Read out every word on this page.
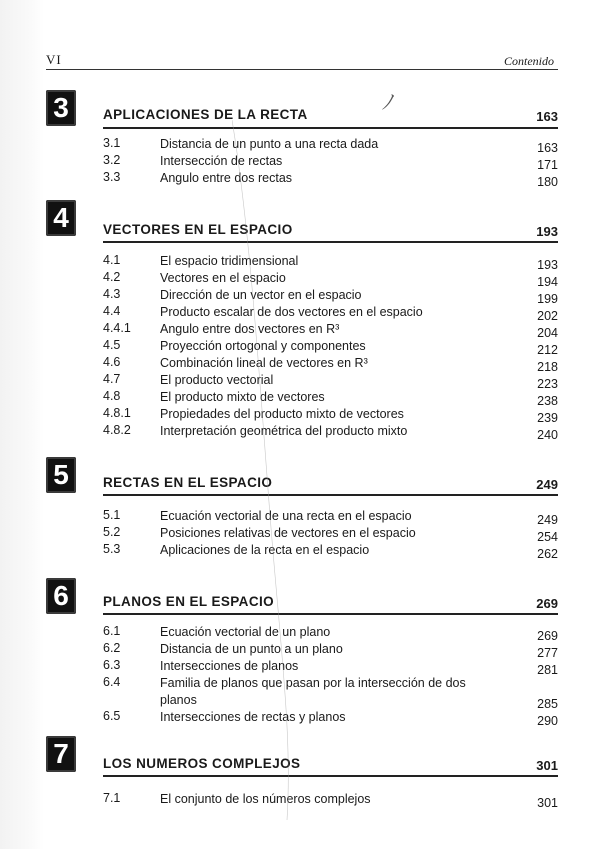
VI	Contenido
ﾉ
3	APLICACIONES DE LA RECTA	163
3.1	Distancia de un punto a una recta dada	163
3.2	Intersección de rectas	171
3.3	Angulo entre dos rectas	180
4	VECTORES EN EL ESPACIO	193
4.1	El espacio tridimensional	193
4.2	Vectores en el espacio	194
4.3	Dirección de un vector en el espacio	199
4.4	Producto escalar de dos vectores en el espacio	202
4.4.1 Angulo entre dos vectores en R³	204
4.5	Proyección ortogonal y componentes	212
4.6	Combinación lineal de vectores en R³	218
4.7	El producto vectorial	223
4.8	El producto mixto de vectores	238
4.8.1 Propiedades del producto mixto de vectores	239
4.8.2 Interpretación geométrica del producto mixto	240
5	RECTAS EN EL ESPACIO	249
5.1	Ecuación vectorial de una recta en el espacio	249
5.2	Posiciones relativas de vectores en el espacio	254
5.3	Aplicaciones de la recta en el espacio	262
6	PLANOS EN EL ESPACIO	269
6.1	Ecuación vectorial de un plano	269
6.2	Distancia de un punto a un plano	277
6.3	Intersecciones de planos	281
6.4	Familia de planos que pasan por la intersección de dos planos	285
6.5	Intersecciones de rectas y planos	290
7	LOS NUMEROS COMPLEJOS	301
7.1	El conjunto de los números complejos	301
